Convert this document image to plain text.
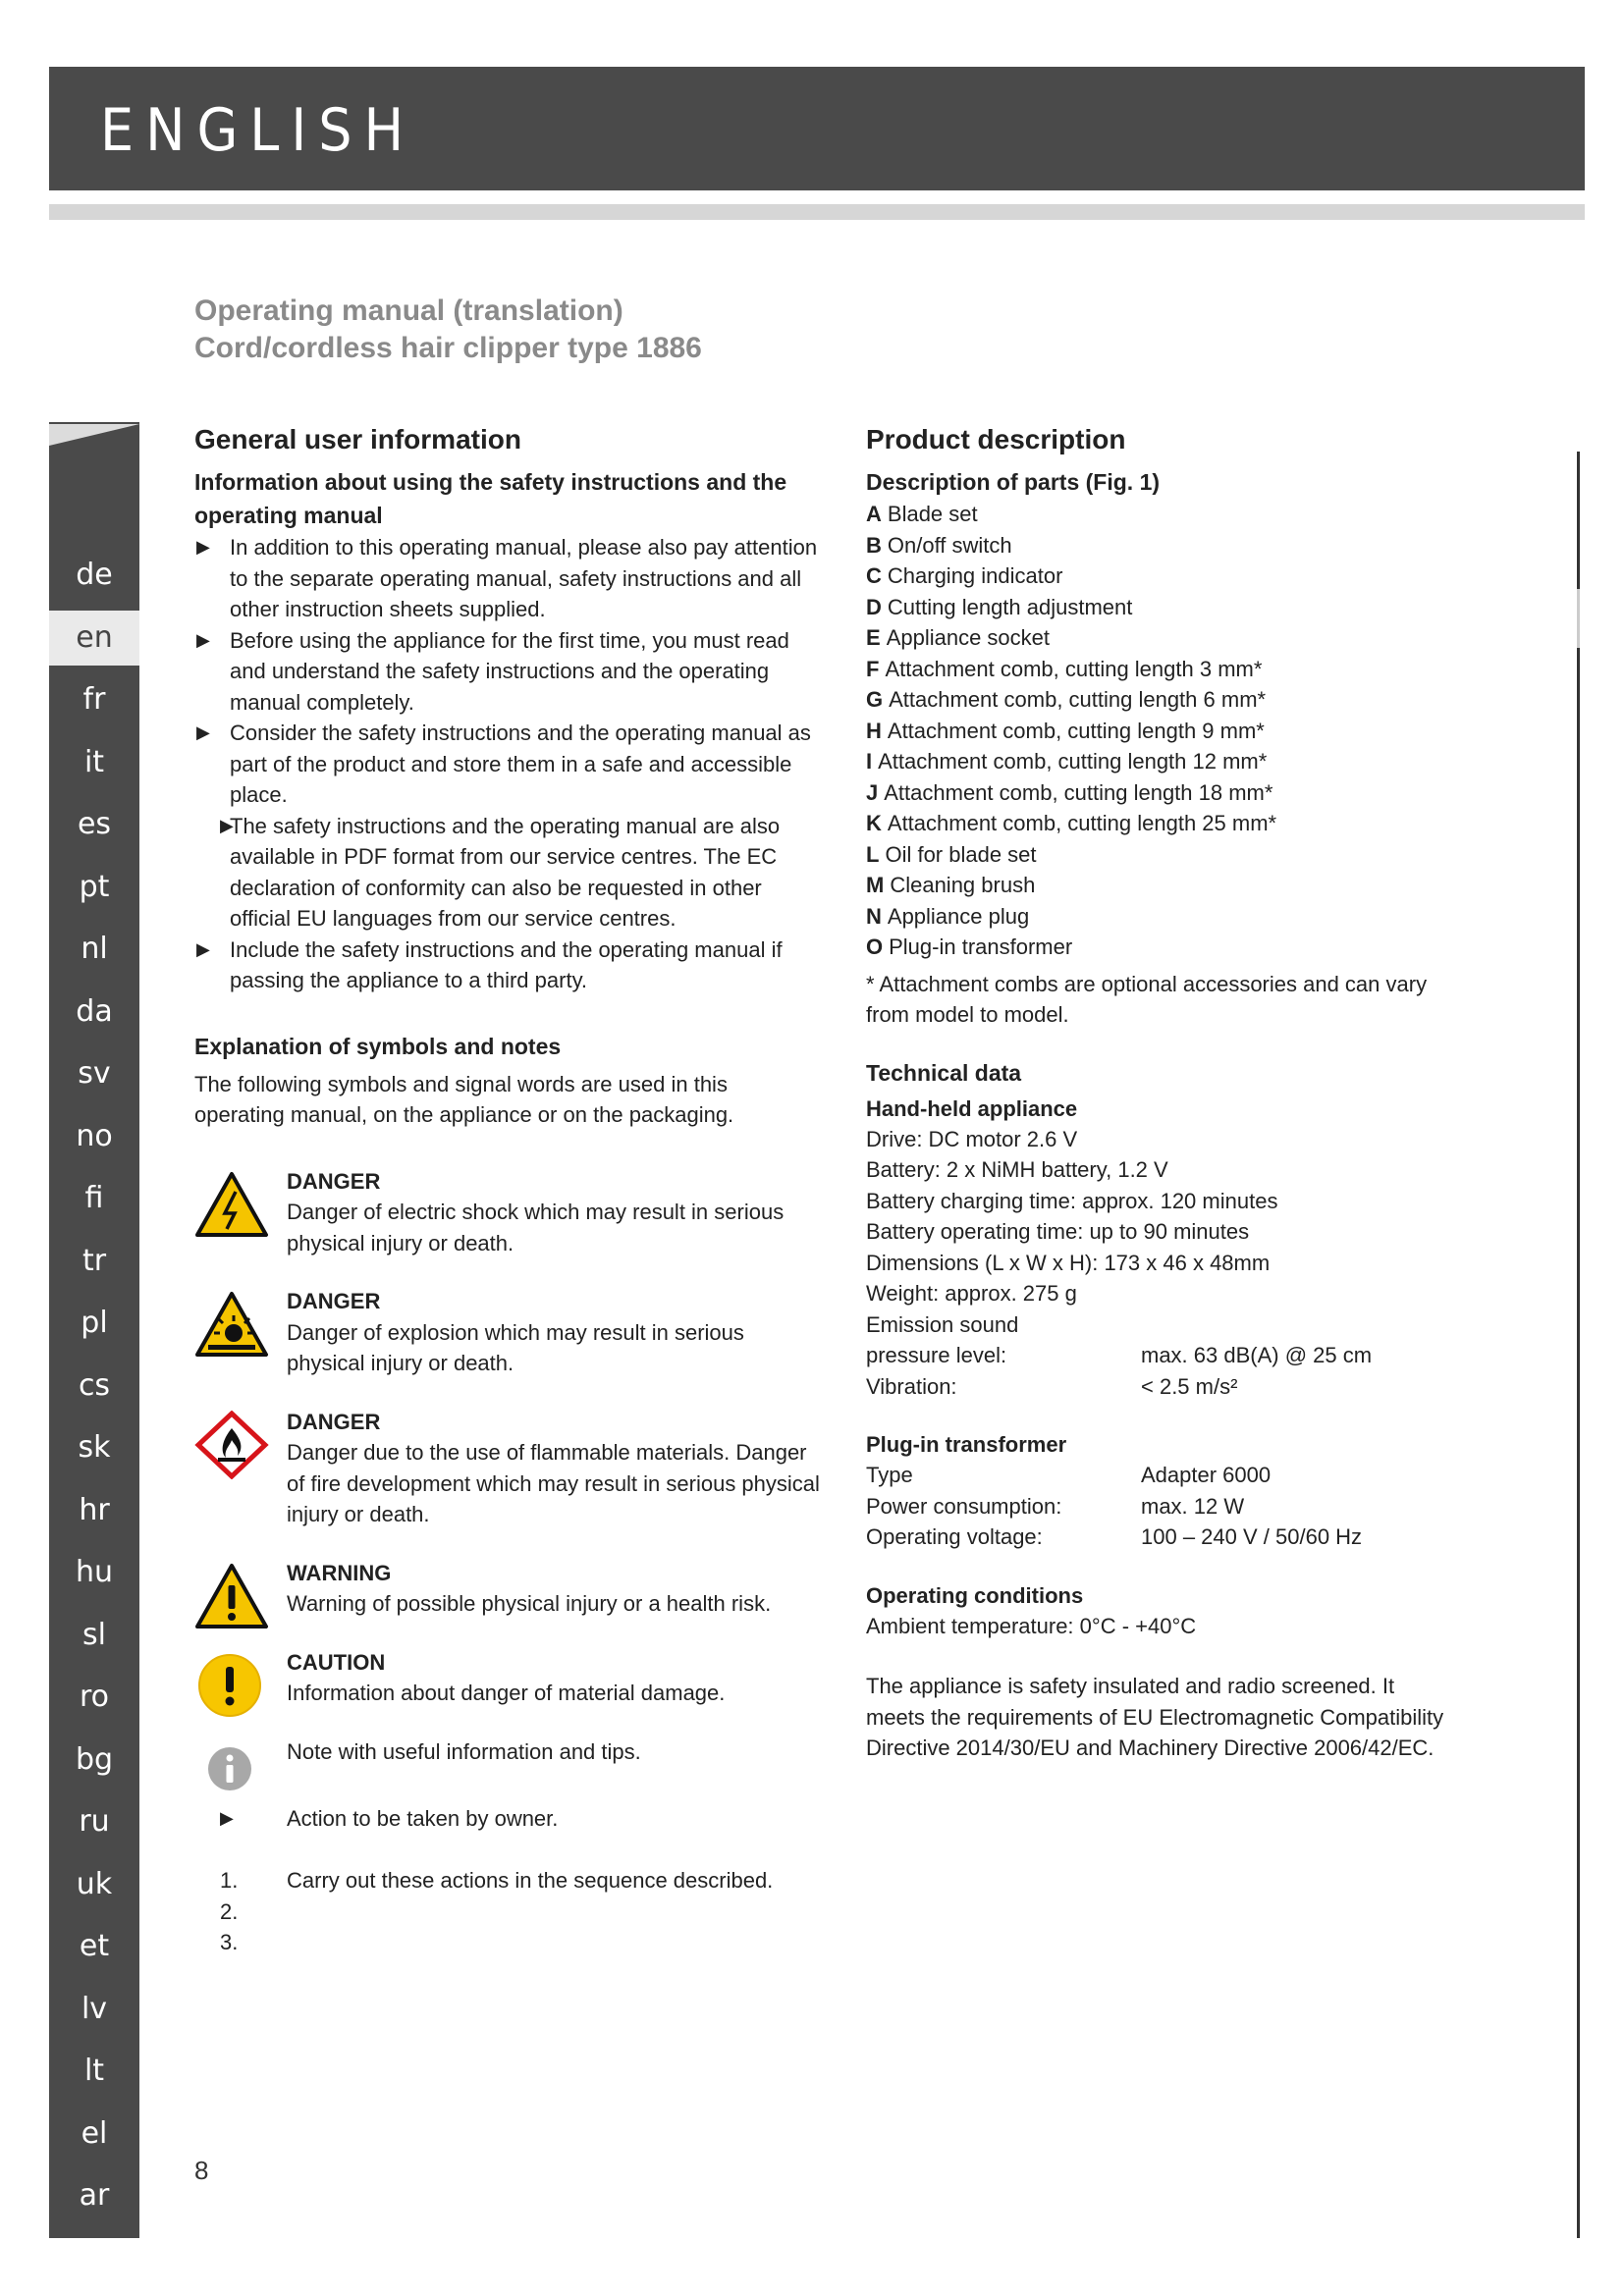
ENGLISH
Operating manual (translation)
Cord/cordless hair clipper type 1886
de
en
fr
it
es
pt
nl
da
sv
no
fi
tr
pl
cs
sk
hr
hu
sl
ro
bg
ru
uk
et
lv
lt
el
ar
General user information
Information about using the safety instructions and the operating manual
▶ In addition to this operating manual, please also pay attention to the separate operating manual, safety instructions and all other instruction sheets supplied.
▶ Before using the appliance for the first time, you must read and understand the safety instructions and the operating manual completely.
▶ Consider the safety instructions and the operating manual as part of the product and store them in a safe and accessible place.
▶
The safety instructions and the operating manual are also available in PDF format from our service centres. The EC declaration of conformity can also be requested in other official EU languages from our service centres.
▶ Include the safety instructions and the operating manual if passing the appliance to a third party.
Explanation of symbols and notes

The following symbols and signal words are used in this operating manual, on the appliance or on the packaging.

DANGER
Danger of electric shock which may result in serious physical injury or death.
DANGER
Danger of explosion which may result in serious physical injury or death.
DANGER
Danger due to the use of flammable materials. Danger of fire development which may result in serious physical injury or death.
WARNING
Warning of possible physical injury or a health risk.
CAUTION
Information about danger of material damage.
Note with useful information and tips.
▶ Action to be taken by owner.
1.
2.
3.
Carry out these actions in the sequence described.
Product description
Description of parts (Fig. 1)
A Blade set
B On/off switch
C Charging indicator
D Cutting length adjustment
E Appliance socket
F Attachment comb, cutting length 3 mm*
G Attachment comb, cutting length 6 mm*
H Attachment comb, cutting length 9 mm*
I Attachment comb, cutting length 12 mm*
J Attachment comb, cutting length 18 mm*
K Attachment comb, cutting length 25 mm*
L Oil for blade set
M Cleaning brush
N Appliance plug
O Plug-in transformer

* Attachment combs are optional accessories and can vary from model to model.

Technical data
Hand-held appliance
Drive: DC motor 2.6 V
Battery: 2 x NiMH battery, 1.2 V
Battery charging time: approx. 120 minutes
Battery operating time: up to 90 minutes
Dimensions (L x W x H): 173 x 46 x 48mm
Weight: approx. 275 g
Emission sound
pressure level:	max. 63 dB(A) @ 25 cm
Vibration:	< 2.5 m/s²
Plug-in transformer
Type	Adapter 6000
Power consumption:	max. 12 W
Operating voltage:	100 – 240 V / 50/60 Hz
Operating conditions
Ambient temperature: 0°C - +40°C

The appliance is safety insulated and radio screened. It meets the requirements of EU Electromagnetic Compatibility Directive 2014/30/EU and Machinery Directive 2006/42/EC.

8
